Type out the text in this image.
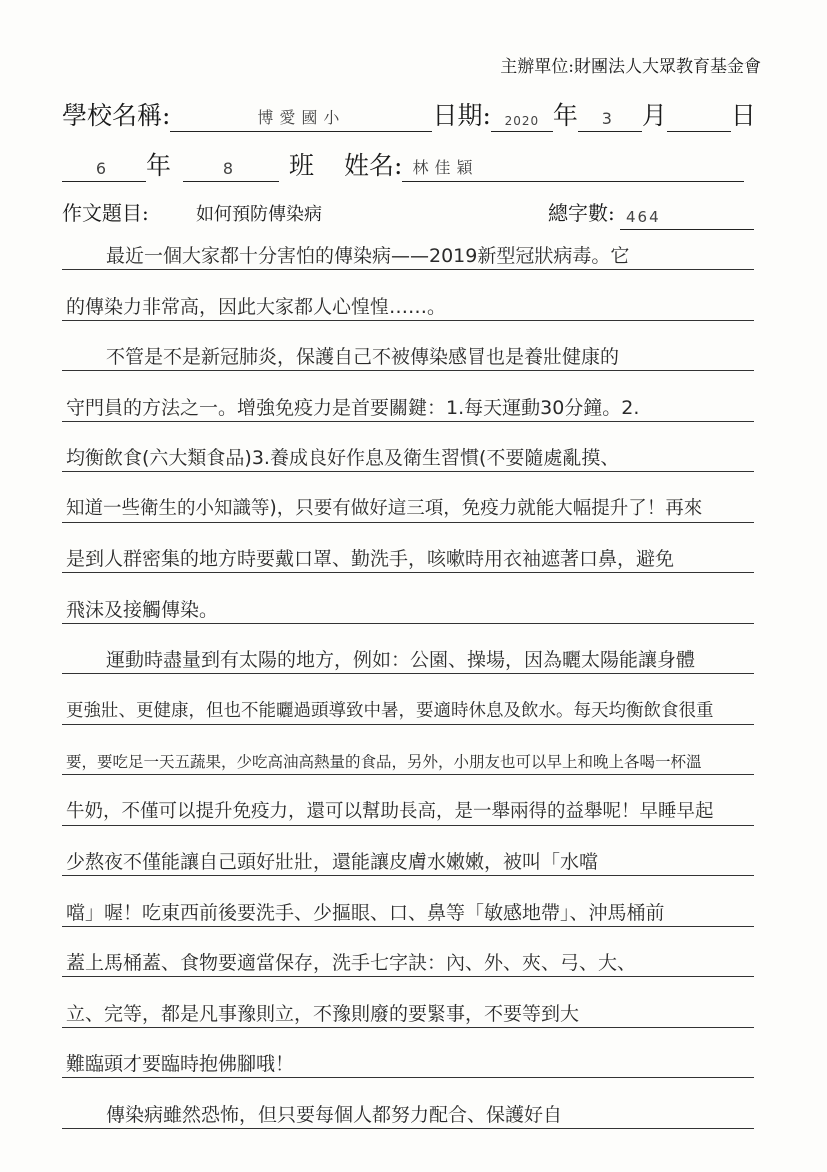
主辦單位:財團法人大眾教育基金會
學校名稱:	博愛國小	日期:	2020 年	3 月	日
6	年	8	班 姓名: 林佳穎
作文題目:	如何預防傳染病	總字數: 464
最近一個大家都十分害怕的傳染病——2019新型冠狀病毒。它
的傳染力非常高，因此大家都人心惶惶……。
不管是不是新冠肺炎，保護自己不被傳染感冒也是養壯健康的
守門員的方法之一。增強免疫力是首要關鍵：1.每天運動30分鐘。2.
均衡飲食(六大類食品)3.養成良好作息及衛生習慣(不要隨處亂摸、
知道一些衛生的小知識等)，只要有做好這三項，免疫力就能大幅提升了！再來
是到人群密集的地方時要戴口罩、勤洗手，咳嗽時用衣袖遮著口鼻，避免
飛沫及接觸傳染。
運動時盡量到有太陽的地方，例如：公園、操場，因為曬太陽能讓身體
更強壯、更健康，但也不能曬過頭導致中暑，要適時休息及飲水。每天均衡飲食很重
要，要吃足一天五蔬果，少吃高油高熱量的食品，另外，小朋友也可以早上和晚上各喝一杯溫
牛奶，不僅可以提升免疫力，還可以幫助長高，是一舉兩得的益舉呢！早睡早起
少熬夜不僅能讓自己頭好壯壯，還能讓皮膚水嫩嫩，被叫「水噹
噹」喔！吃東西前後要洗手、少摳眼、口、鼻等「敏感地帶」、沖馬桶前
蓋上馬桶蓋、食物要適當保存，洗手七字訣：內、外、夾、弓、大、
立、完等，都是凡事豫則立，不豫則廢的要緊事，不要等到大
難臨頭才要臨時抱佛腳哦！
傳染病雖然恐怖，但只要每個人都努力配合、保護好自
